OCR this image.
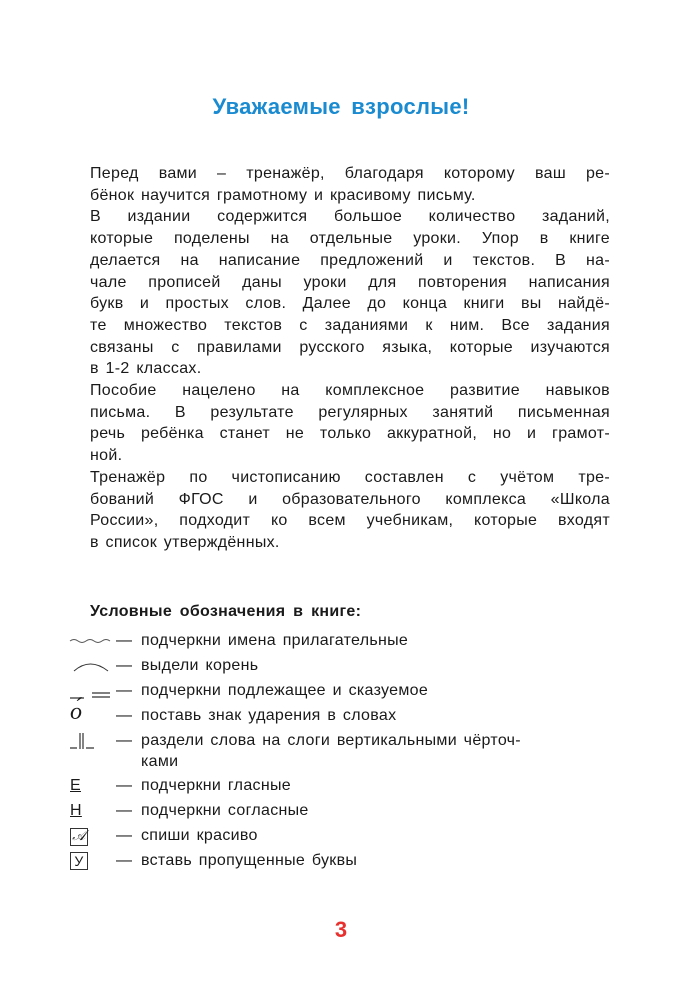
Уважаемые взрослые!
Перед вами – тренажёр, благодаря которому ваш ре-
бёнок научится грамотному и красивому письму.
В издании содержится большое количество заданий,
которые поделены на отдельные уроки. Упор в книге
делается на написание предложений и текстов. В на-
чале прописей даны уроки для повторения написания
букв и простых слов. Далее до конца книги вы найдё-
те множество текстов с заданиями к ним. Все задания
связаны с правилами русского языка, которые изучаются
в 1-2 классах.
Пособие нацелено на комплексное развитие навыков
письма. В результате регулярных занятий письменная
речь ребёнка станет не только аккуратной, но и грамот-
ной.
Тренажёр по чистописанию составлен с учётом тре-
бований ФГОС и образовательного комплекса «Школа
России», подходит ко всем учебникам, которые входят
в список утверждённых.
Условные обозначения в книге:
— подчеркни имена прилагательные
— выдели корень
— подчеркни подлежащее и сказуемое
о́	— поставь знак ударения в словах
— раздели слова на слоги вертикальными чёрточ-
ками
Е	— подчеркни гласные
Н	— подчеркни согласные
𝒜	— спиши красиво
У	— вставь пропущенные буквы
3
